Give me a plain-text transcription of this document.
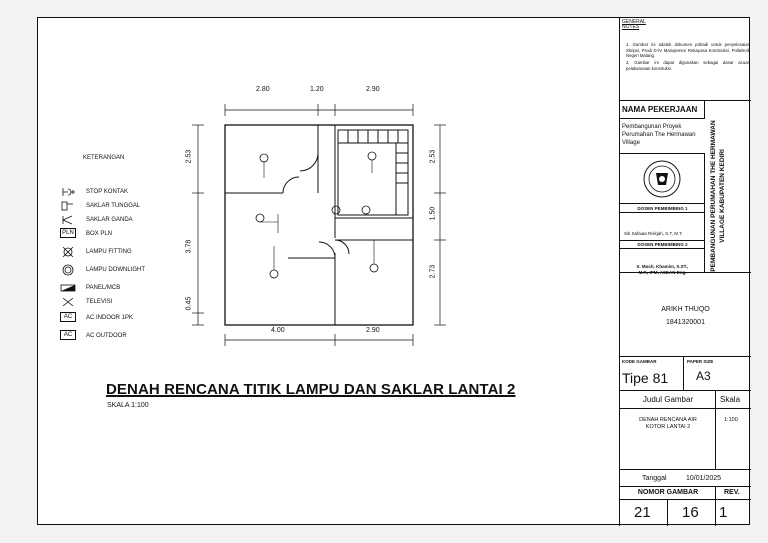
2.80	1.20	2.90
4.00	2.90
2.53
3.78
0.45
2.53
1.50
2.73
KETERANGAN
STOP KONTAK
SAKLAR TUNGGAL
SAKLAR GANDA
PLN	BOX PLN
LAMPU FITTING
LAMPU DOWNLIGHT
PANEL/MCB
TELEVISI
AC	AC INDOOR 1PK
AC	AC OUTDOOR
DENAH RENCANA TITIK LAMPU DAN SAKLAR LANTAI 2
SKALA 1:100
GENERAL NOTES
1. Gambar ini adalah dokumen pribadi untuk penyelesaian Skripsi, Prodi D-IV Manajemen Rekayasa Konstruksi, Politeknik Negeri Malang.
2. Gambar ini dapat digunakan sebagai dasar acuan pelaksanaan konstruksi.
NAMA PEKERJAAN
Pembangunan Proyek Perumahan The Hermawan Village
DOSEN PEMBIMBING 1
Siti Safaiaa Riskjah, S.T, M.T.
DOSEN PEMBIMBING 2
Ir. Moch. Khamim, S.ST.,
M.T., IPM, ASEAN Eng.
PEMBANGUNAN PERUMAHAN THE HERMAWAN VILLAGE KABUPATEN KEDIRI
ARIKH THUQO
1841320001
KODE GAMBAR
Tipe 81
PAPER SIZE
A3
Judul Gambar	Skala
DENAH RENCANA AIR KOTOR LANTAI 2
1:100
Tanggal	10/01/2025
NOMOR GAMBAR	REV.
21 16 1
